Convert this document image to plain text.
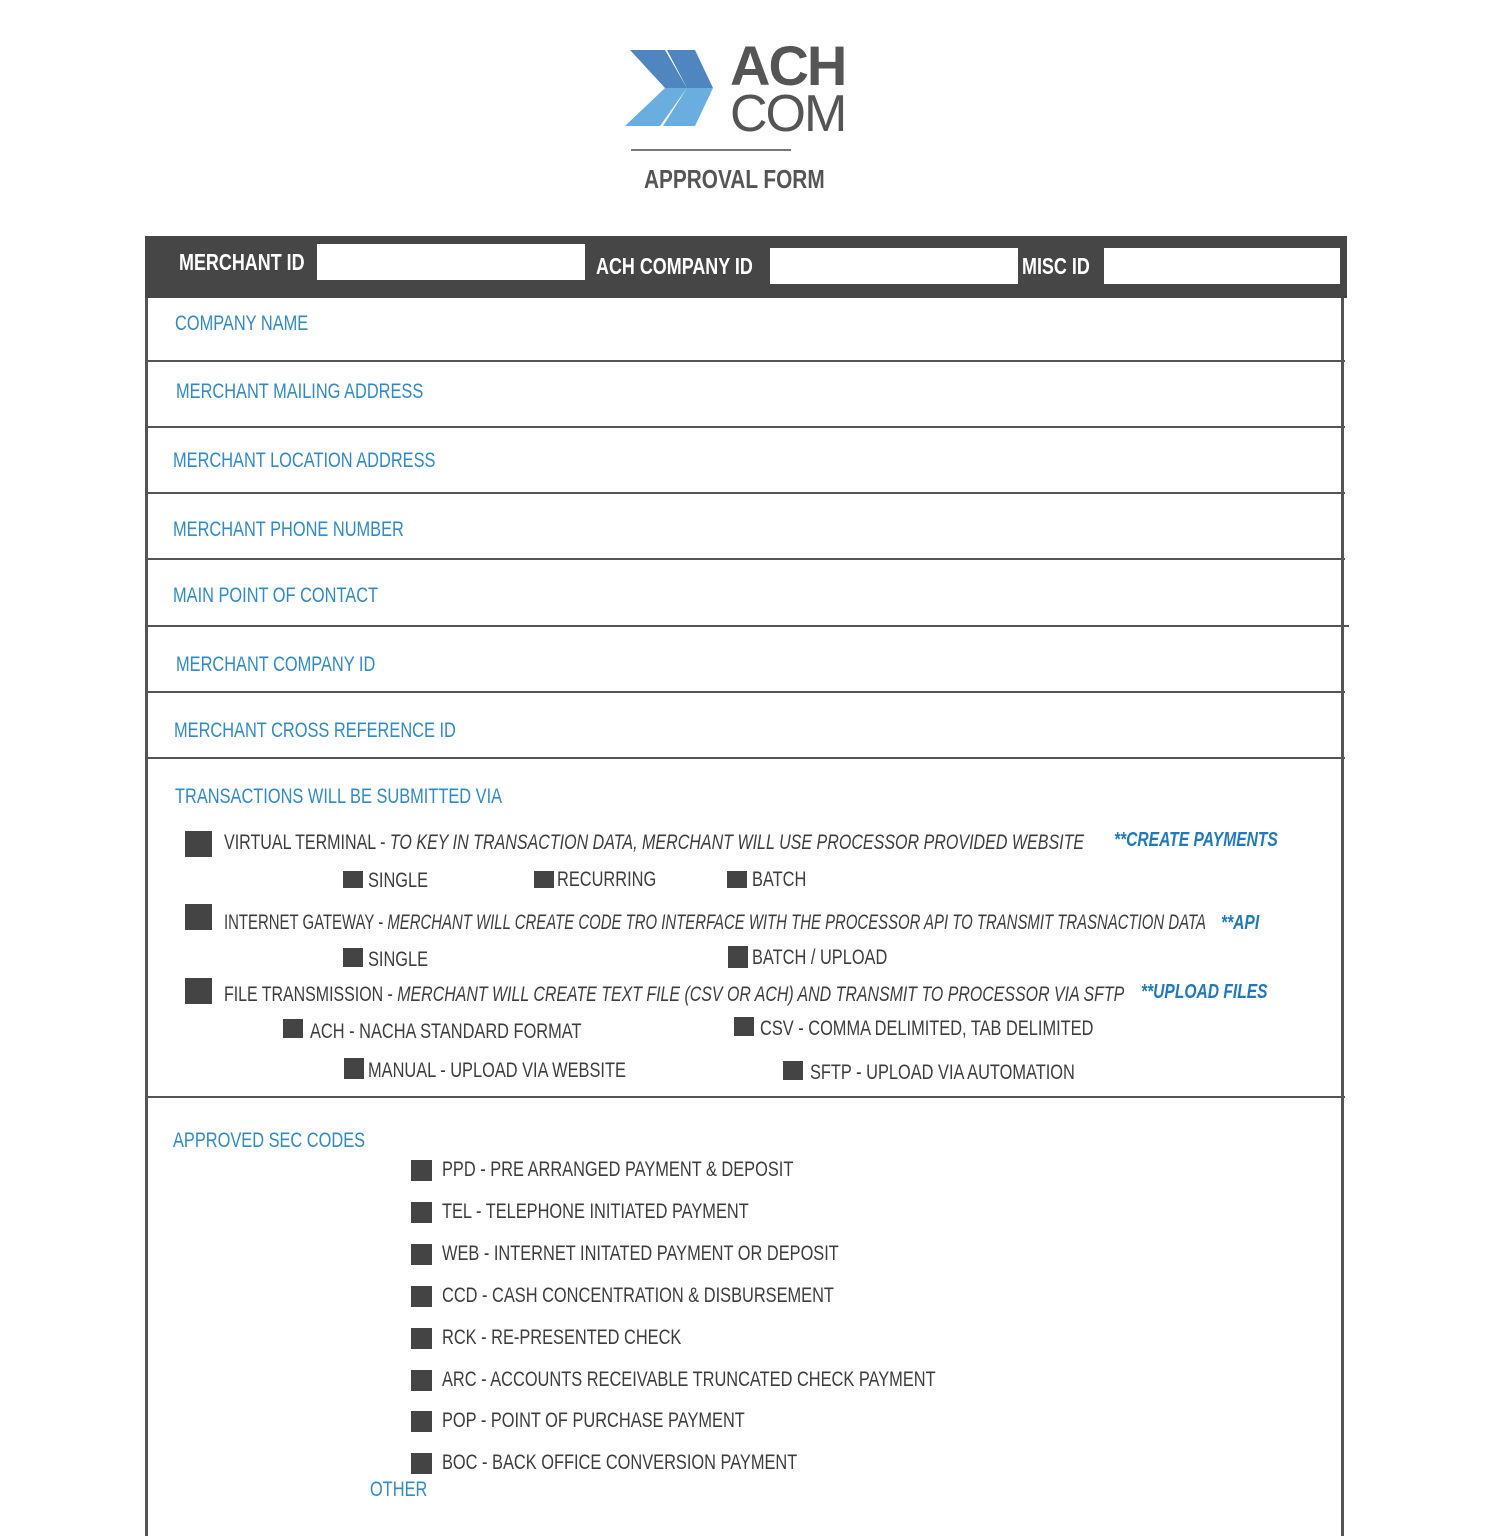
ACH
COM
APPROVAL FORM
MERCHANT ID	ACH COMPANY ID	MISC ID
COMPANY NAME
MERCHANT MAILING ADDRESS
MERCHANT LOCATION ADDRESS
MERCHANT PHONE NUMBER
MAIN POINT OF CONTACT
MERCHANT COMPANY ID
MERCHANT CROSS REFERENCE ID
TRANSACTIONS WILL BE SUBMITTED VIA
VIRTUAL TERMINAL - TO KEY IN TRANSACTION DATA, MERCHANT WILL USE PROCESSOR PROVIDED WEBSITE **CREATE PAYMENTS
SINGLE	RECURRING	BATCH
INTERNET GATEWAY - MERCHANT WILL CREATE CODE TRO INTERFACE WITH THE PROCESSOR API TO TRANSMIT TRASNACTION DATA **API
SINGLE	BATCH / UPLOAD
FILE TRANSMISSION - MERCHANT WILL CREATE TEXT FILE (CSV OR ACH) AND TRANSMIT TO PROCESSOR VIA SFTP **UPLOAD FILES
ACH - NACHA STANDARD FORMAT	CSV - COMMA DELIMITED, TAB DELIMITED
MANUAL - UPLOAD VIA WEBSITE	SFTP - UPLOAD VIA AUTOMATION
APPROVED SEC CODES
PPD - PRE ARRANGED PAYMENT & DEPOSIT
TEL - TELEPHONE INITIATED PAYMENT
WEB - INTERNET INITATED PAYMENT OR DEPOSIT
CCD - CASH CONCENTRATION & DISBURSEMENT
RCK - RE-PRESENTED CHECK
ARC - ACCOUNTS RECEIVABLE TRUNCATED CHECK PAYMENT
POP - POINT OF PURCHASE PAYMENT
BOC - BACK OFFICE CONVERSION PAYMENT
OTHER
